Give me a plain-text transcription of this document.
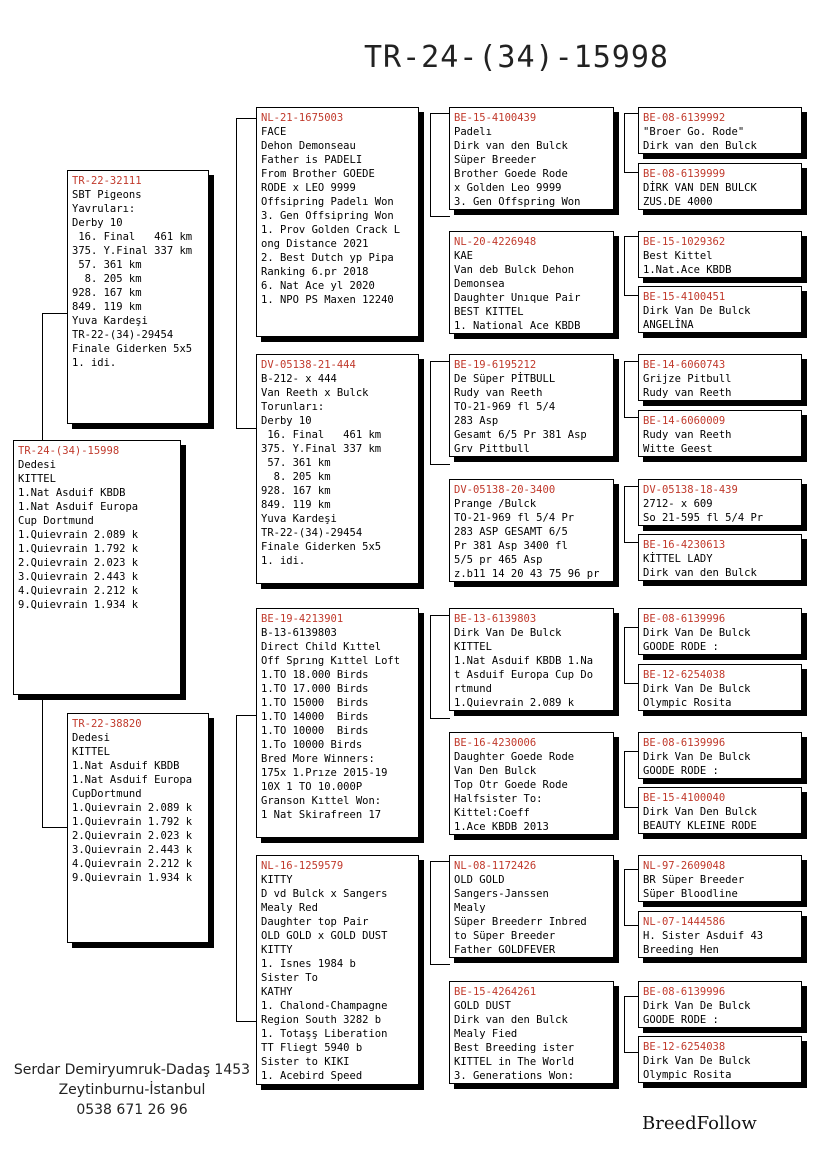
TR-24-(34)-15998
TR-24-(34)-15998
Dedesi
KITTEL
1.Nat Asduif KBDB
1.Nat Asduif Europa
Cup Dortmund
1.Quievrain 2.089 k
1.Quievrain 1.792 k
2.Quievrain 2.023 k
3.Quievrain 2.443 k
4.Quievrain 2.212 k
9.Quievrain 1.934 k
TR-22-32111
SBT Pigeons
Yavruları:
Derby 10
16. Final   461 km
375. Y.Final 337 km
57. 361 km
8. 205 km
928. 167 km
849. 119 km
Yuva Kardeşi
TR-22-(34)-29454
Finale Giderken 5x5
1. idi.
TR-22-38820
Dedesi
KITTEL
1.Nat Asduif KBDB
1.Nat Asduif Europa
CupDortmund
1.Quievrain 2.089 k
1.Quievrain 1.792 k
2.Quievrain 2.023 k
3.Quievrain 2.443 k
4.Quievrain 2.212 k
9.Quievrain 1.934 k
NL-21-1675003
FACE
Dehon Demonseau
Father is PADELI
From Brother GOEDE
RODE x LEO 9999
Offsipring Padelı Won
3. Gen Offsipring Won
1. Prov Golden Crack L
ong Distance 2021
2. Best Dutch yp Pipa
Ranking 6.pr 2018
6. Nat Ace yl 2020
1. NPO PS Maxen 12240
DV-05138-21-444
B-212- x 444
Van Reeth x Bulck
Torunları:
Derby 10
16. Final   461 km
375. Y.Final 337 km
57. 361 km
8. 205 km
928. 167 km
849. 119 km
Yuva Kardeşi
TR-22-(34)-29454
Finale Giderken 5x5
1. idi.
BE-19-4213901
B-13-6139803
Direct Child Kıttel
Off Sprıng Kıttel Loft
1.TO 18.000 Birds
1.TO 17.000 Birds
1.TO 15000  Birds
1.TO 14000  Birds
1.TO 10000  Birds
1.To 10000 Birds
Bred More Winners:
175x 1.Prıze 2015-19
10X 1 TO 10.000P
Granson Kıttel Won:
1 Nat Skirafreen 17
NL-16-1259579
KITTY
D vd Bulck x Sangers
Mealy Red
Daughter top Pair
OLD GOLD x GOLD DUST
KITTY
1. Isnes 1984 b
Sister To
KATHY
1. Chalond-Champagne
Region South 3282 b
1. Totaşş Liberation
TT Fliegt 5940 b
Sister to KIKI
1. Acebird Speed
BE-15-4100439
Padelı
Dirk van den Bulck
Süper Breeder
Brother Goede Rode
x Golden Leo 9999
3. Gen Offspring Won
NL-20-4226948
KAE
Van deb Bulck Dehon
Demonsea
Daughter Unıque Pair
BEST KITTEL
1. National Ace KBDB
BE-19-6195212
De Süper PİTBULL
Rudy van Reeth
TO-21-969 fl 5/4
283 Asp
Gesamt 6/5 Pr 381 Asp
Grv Pittbull
DV-05138-20-3400
Prange /Bulck
TO-21-969 fl 5/4 Pr
283 ASP GESAMT 6/5
Pr 381 Asp 3400 fl
5/5 pr 465 Asp
z.b11 14 20 43 75 96 pr
BE-13-6139803
Dirk Van De Bulck
KITTEL
1.Nat Asduif KBDB 1.Na
t Asduif Europa Cup Do
rtmund
1.Quievrain 2.089 k
BE-16-4230006
Daughter Goede Rode
Van Den Bulck
Top Otr Goede Rode
Halfsister To:
Kittel:Coeff
1.Ace KBDB 2013
NL-08-1172426
OLD GOLD
Sangers-Janssen
Mealy
Süper Breederr Inbred
to Süper Breeder
Father GOLDFEVER
BE-15-4264261
GOLD DUST
Dirk van den Bulck
Mealy Fied
Best Breeding ister
KITTEL in The World
3. Generations Won:
BE-08-6139992
"Broer Go. Rode"
Dirk van den Bulck
BE-08-6139999
DİRK VAN DEN BULCK
ZUS.DE 4000
BE-15-1029362
Best Kittel
1.Nat.Ace KBDB
BE-15-4100451
Dirk Van De Bulck
ANGELİNA
BE-14-6060743
Grijze Pitbull
Rudy van Reeth
BE-14-6060009
Rudy van Reeth
Witte Geest
DV-05138-18-439
2712- x 609
So 21-595 fl 5/4 Pr
BE-16-4230613
KİTTEL LADY
Dirk van den Bulck
BE-08-6139996
Dirk Van De Bulck
GOODE RODE :
BE-12-6254038
Dirk Van De Bulck
Olympic Rosita
BE-08-6139996
Dirk Van De Bulck
GOODE RODE :
BE-15-4100040
Dirk Van Den Bulck
BEAUTY KLEINE RODE
NL-97-2609048
BR Süper Breeder
Süper Bloodline
NL-07-1444586
H. Sister Asduif 43
Breeding Hen
BE-08-6139996
Dirk Van De Bulck
GOODE RODE :
BE-12-6254038
Dirk Van De Bulck
Olympic Rosita
Serdar Demiryumruk-Dadaş 1453
Zeytinburnu-İstanbul
0538 671 26 96
BreedFollow
